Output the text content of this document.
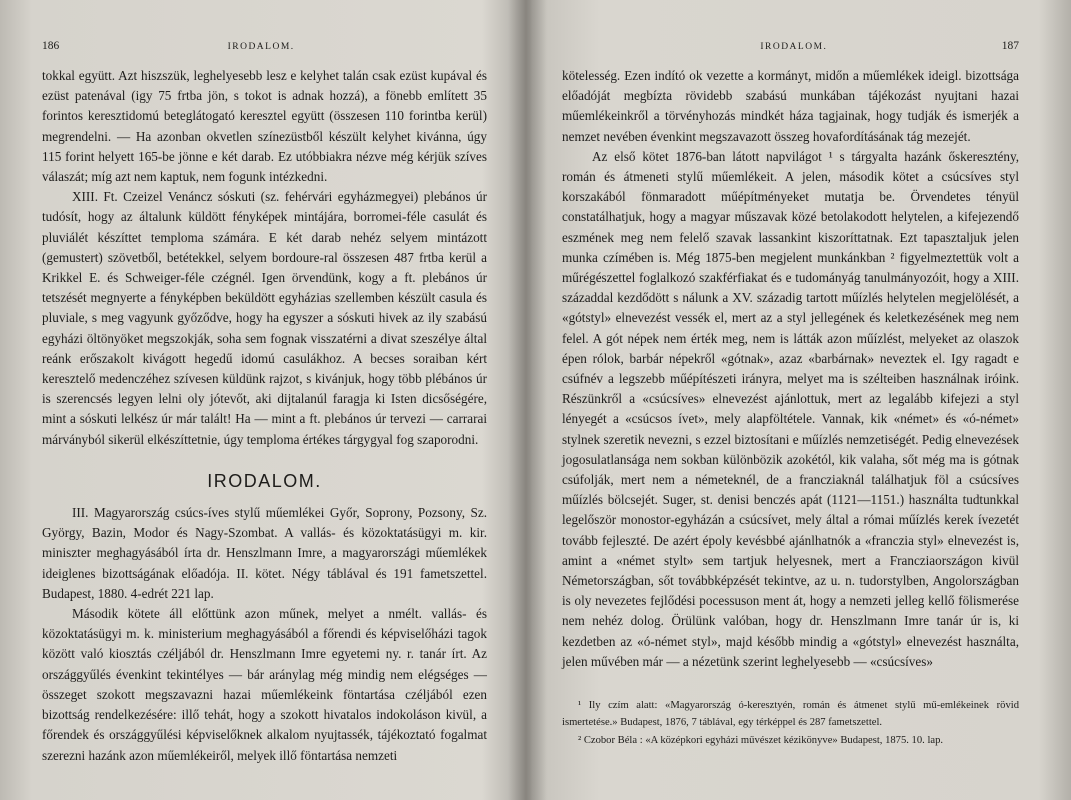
186	IRODALOM.

tokkal együtt. Azt hiszszük, leghelyesebb lesz e kelyhet talán csak ezüst kupával és ezüst patenával (igy 75 frtba jön, s tokot is adnak hozzá), a fönebb említett 35 forintos keresztidomú beteglátogató keresztel együtt (összesen 110 forintba kerül) megrendelni. — Ha azonban okvetlen színezüstből készült kelyhet kivánna, úgy 115 forint helyett 165-be jönne e két darab. Ez utóbbiakra nézve még kérjük szíves válaszát; míg azt nem kaptuk, nem fogunk intézkedni.

XIII. Ft. Czeizel Venáncz sóskuti (sz. fehérvári egyházmegyei) plebános úr tudósít, hogy az általunk küldött fényképek mintájára, borromei-féle casulát és pluviálét készíttet temploma számára. E két darab nehéz selyem mintázott (gemustert) szövetből, betétekkel, selyem bordoure-ral összesen 487 frtba kerül a Krikkel E. és Schweiger-féle czégnél. Igen örvendünk, kogy a ft. plebános úr tetszését megnyerte a fényképben beküldött egyházias szellemben készült casula és pluviale, s meg vagyunk győződve, hogy ha egyszer a sóskuti hivek az ily szabású egyházi öltönyöket megszokják, soha sem fognak visszatérni a divat szeszélye által reánk erőszakolt kivágott hegedű idomú casulákhoz. A becses soraiban kért keresztelő medenczéhez szívesen küldünk rajzot, s kivánjuk, hogy több plébános úr is szerencsés legyen lelni oly jótevőt, aki dijtalanúl faragja ki Isten dicsőségére, mint a sóskuti lelkész úr már talált! Ha — mint a ft. plebános úr tervezi — carrarai márványból sikerül elkészíttetnie, úgy temploma értékes tárgygyal fog szaporodni.

IRODALOM.

III. Magyarország csúcs-íves stylű műemlékei Győr, Soprony, Pozsony, Sz. György, Bazin, Modor és Nagy-Szombat. A vallás- és közoktatásügyi m. kir. miniszter meghagyásából írta dr. Henszlmann Imre, a magyarországi műemlékek ideiglenes bizottságának előadója. II. kötet. Négy táblával és 191 fametszettel. Budapest, 1880. 4-edrét 221 lap.

Második kötete áll előttünk azon műnek, melyet a nmélt. vallás- és közoktatásügyi m. k. ministerium meghagyásából a főrendi és képviselőházi tagok között való kiosztás czéljából dr. Henszlmann Imre egyetemi ny. r. tanár írt. Az országgyűlés évenkint tekintélyes — bár aránylag még mindig nem elégséges — összeget szokott megszavazni hazai műemlékeink föntartása czéljából ezen bizottság rendelkezésére: illő tehát, hogy a szokott hivatalos indokoláson kivül, a főrendek és országgyűlési képviselőknek alkalom nyujtassék, tájékoztató fogalmat szerezni hazánk azon műemlékeiről, melyek illő föntartása nemzeti

IRODALOM.	187

kötelesség. Ezen indító ok vezette a kormányt, midőn a műemlékek ideigl. bizottsága előadóját megbízta rövidebb szabású munkában tájékozást nyujtani hazai műemlékeinkről a törvényhozás mindkét háza tagjainak, hogy tudják és ismerjék a nemzet nevében évenkint megszavazott összeg hovafordításának tág mezejét.

Az első kötet 1876-ban látott napvilágot ¹ s tárgyalta hazánk őskeresztény, román és átmeneti stylű műemlékeit. A jelen, második kötet a csúcsíves styl korszakából fönmaradott műépítményeket mutatja be. Örvendetes tényül constatálhatjuk, hogy a magyar műszavak közé betolakodott helytelen, a kifejezendő eszmének meg nem felelő szavak lassankint kiszoríttatnak. Ezt tapasztaljuk jelen munka czímében is. Még 1875-ben megjelent munkánkban ² figyelmeztettük volt a műrégészettel foglalkozó szakférfiakat és e tudományág tanulmányozóit, hogy a XIII. századdal kezdődött s nálunk a XV. századig tartott műízlés helytelen megjelölését, a «gótstyl» elnevezést vessék el, mert az a styl jellegének és keletkezésének meg nem felel. A gót népek nem érték meg, nem is látták azon műízlést, melyeket az olaszok épen rólok, barbár népekről «gótnak», azaz «barbárnak» neveztek el. Igy ragadt e csúfnév a legszebb műépítészeti irányra, melyet ma is szélteiben használnak iróink. Részünkről a «csúcsíves» elnevezést ajánlottuk, mert az legalább kifejezi a styl lényegét a «csúcsos ívet», mely alapföltétele. Vannak, kik «német» és «ó-német» stylnek szeretik nevezni, s ezzel biztosítani e műízlés nemzetiségét. Pedig elnevezések jogosulatlansága nem sokban különbözik azokétól, kik valaha, sőt még ma is gótnak csúfolják, mert nem a németeknél, de a francziaknál találhatjuk föl a csúcsíves műízlés bölcsejét. Suger, st. denisi benczés apát (1121—1151.) használta tudtunkkal legelőször monostor-egyházán a csúcsívet, mely által a római műízlés kerek ívezetét tovább fejleszté. De azért époly kevésbbé ajánlhatnók a «franczia styl» elnevezést is, amint a «német stylt» sem tartjuk helyesnek, mert a Francziaországon kivül Németországban, sőt továbbképzését tekintve, az u. n. tudorstylben, Angolországban is oly nevezetes fejlődési pocessuson ment át, hogy a nemzeti jelleg kellő fölismerése nem nehéz dolog. Örülünk valóban, hogy dr. Henszlmann Imre tanár úr is, ki kezdetben az «ó-német styl», majd később mindig a «gótstyl» elnevezést használta, jelen művében már — a nézetünk szerint leghelyesebb — «csúcsíves»

¹ Ily czím alatt: «Magyarország ó-keresztyén, román és átmenet stylű mű-emlékeinek rövid ismertetése.» Budapest, 1876, 7 táblával, egy térképpel és 287 fametszettel.

² Czobor Béla : «A középkori egyházi művészet kézikönyve» Budapest, 1875. 10. lap.
